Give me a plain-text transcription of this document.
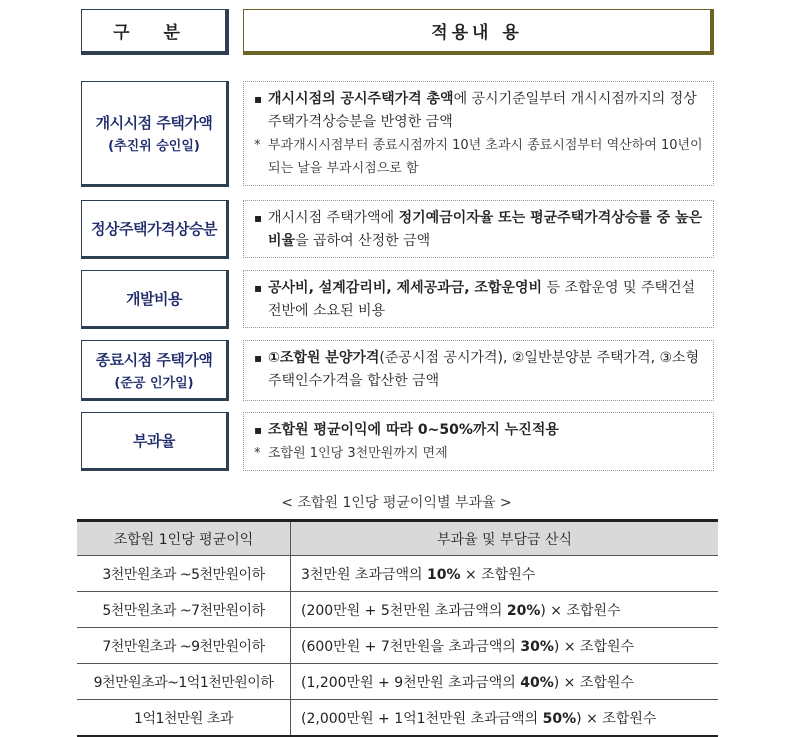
구 분	적용내 용
개시시점 주택가액
(추진위 승인일)
▪ 개시시점의 공시주택가격 총액에 공시기준일부터 개시시점까지의 정상주택가격상승분을 반영한 금액
* 부과개시시점부터 종료시점까지 10년 초과시 종료시점부터 역산하여 10년이 되는 날을 부과시점으로 함
정상주택가격상승분
▪ 개시시점 주택가액에 정기예금이자율 또는 평균주택가격상승률 중 높은 비율을 곱하여 산정한 금액
개발비용
▪ 공사비, 설계감리비, 제세공과금, 조합운영비 등 조합운영 및 주택건설 전반에 소요된 비용
종료시점 주택가액
(준공 인가일)
▪ ①조합원 분양가격(준공시점 공시가격), ②일반분양분 주택가격, ③소형주택인수가격을 합산한 금액
부과율
▪ 조합원 평균이익에 따라 0~50%까지 누진적용
* 조합원 1인당 3천만원까지 면제
< 조합원 1인당 평균이익별 부과율 >
조합원 1인당 평균이익	부과율 및 부담금 산식
3천만원초과 ~5천만원이하	3천만원 초과금액의 10% × 조합원수
5천만원초과 ~7천만원이하	(200만원 + 5천만원 초과금액의 20%) × 조합원수
7천만원초과 ~9천만원이하	(600만원 + 7천만원을 초과금액의 30%) × 조합원수
9천만원초과~1억1천만원이하	(1,200만원 + 9천만원 초과금액의 40%) × 조합원수
1억1천만원 초과	(2,000만원 + 1억1천만원 초과금액의 50%) × 조합원수
